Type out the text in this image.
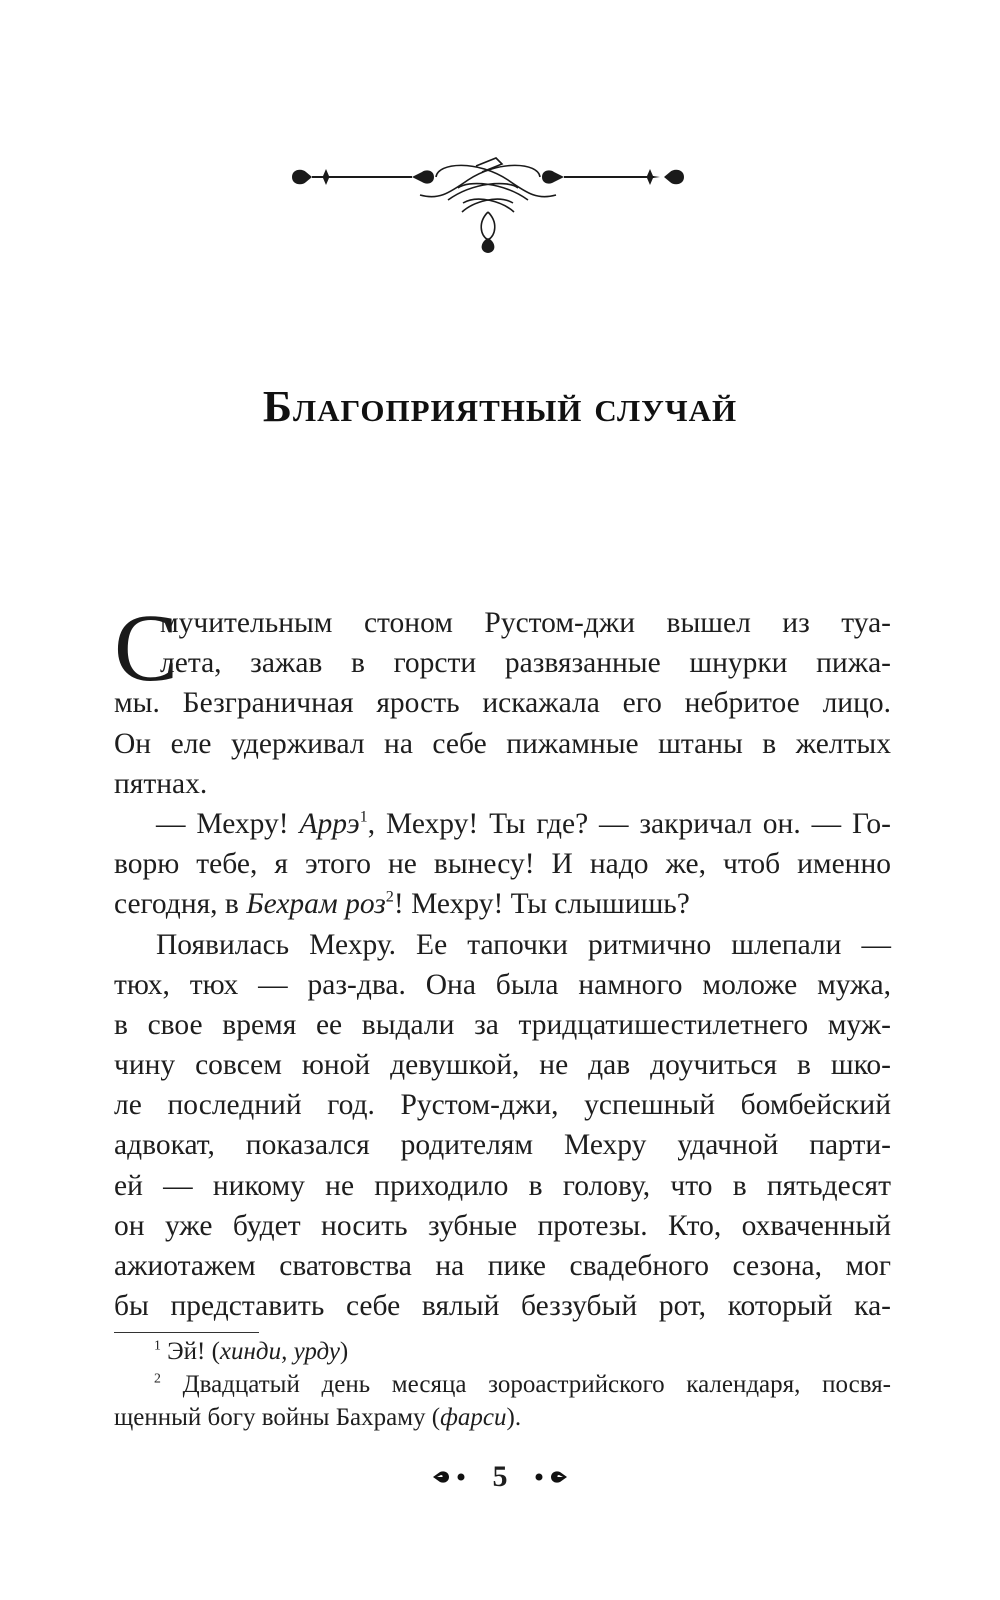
Благоприятный случай
С
мучительным стоном Рустом-джи вышел из туа-
лета, зажав в горсти развязанные шнурки пижа-
мы. Безграничная ярость искажала его небритое лицо.
Он еле удерживал на себе пижамные штаны в желтых
пятнах.
— Мехру! Аррэ$^1$, Мехру! Ты где? — закричал он. — Го-
ворю тебе, я этого не вынесу! И надо же, чтоб именно
сегодня, в Бехрам роз$^2$! Мехру! Ты слышишь?
Появилась Мехру. Ее тапочки ритмично шлепали —
тюх, тюх — раз-два. Она была намного моложе мужа,
в свое время ее выдали за тридцатишестилетнего муж-
чину совсем юной девушкой, не дав доучиться в шко-
ле последний год. Рустом-джи, успешный бомбейский
адвокат, показался родителям Мехру удачной парти-
ей — никому не приходило в голову, что в пятьдесят
он уже будет носить зубные протезы. Кто, охваченный
ажиотажем сватовства на пике свадебного сезона, мог
бы представить себе вялый беззубый рот, который ка-
$^1$ Эй! (хинди, урду)
$^2$ Двадцатый день месяца зороастрийского календаря, посвя-
щенный богу войны Бахраму (фарси).
5
